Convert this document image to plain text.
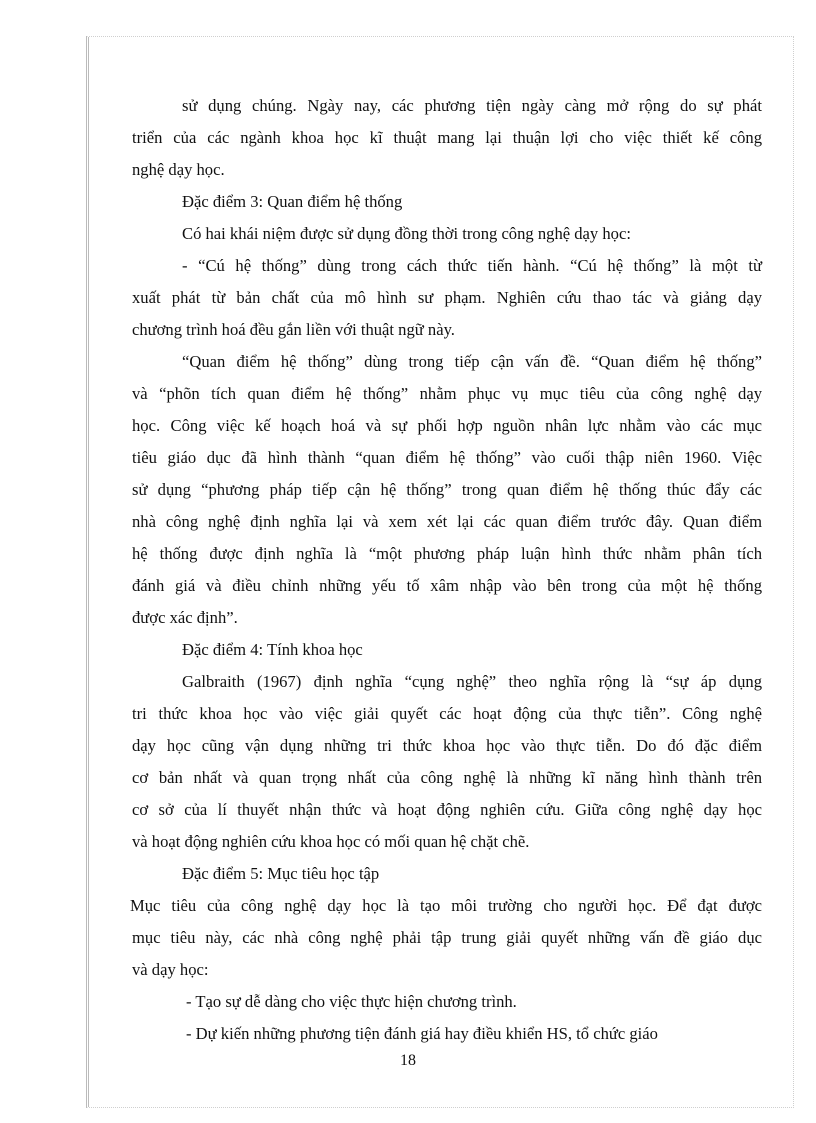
sử dụng chúng. Ngày nay, các phương tiện ngày càng mở rộng do sự phát
triển của các ngành khoa học kĩ thuật mang lại thuận lợi cho việc thiết kế công
nghệ dạy học.
Đặc điểm 3: Quan điểm hệ thống
Có hai khái niệm được sử dụng đồng thời trong công nghệ dạy học:
- “Cú hệ thống” dùng trong cách thức tiến hành. “Cú hệ thống” là một từ
xuất phát từ bản chất của mô hình sư phạm. Nghiên cứu thao tác và giảng dạy
chương trình hoá đều gắn liền với thuật ngữ này.
“Quan điểm hệ thống” dùng trong tiếp cận vấn đề. “Quan điểm hệ thống”
và “phõn tích quan điểm hệ thống” nhằm phục vụ mục tiêu của công nghệ dạy
học. Công việc kế hoạch hoá và sự phối hợp nguồn nhân lực nhằm vào các mục
tiêu giáo dục đã hình thành “quan điểm hệ thống” vào cuối thập niên 1960. Việc
sử dụng “phương pháp tiếp cận hệ thống” trong quan điểm hệ thống thúc đẩy các
nhà công nghệ định nghĩa lại và xem xét lại các quan điểm trước đây. Quan điểm
hệ thống được định nghĩa là “một phương pháp luận hình thức nhằm phân tích
đánh giá và điều chỉnh những yếu tố xâm nhập vào bên trong của một hệ thống
được xác định”.
Đặc điểm 4: Tính khoa học
Galbraith (1967) định nghĩa “cụng nghệ” theo nghĩa rộng là “sự áp dụng
tri thức khoa học vào việc giải quyết các hoạt động của thực tiễn”. Công nghệ
dạy học cũng vận dụng những tri thức khoa học vào thực tiễn. Do đó đặc điểm
cơ bản nhất và quan trọng nhất của công nghệ là những kĩ năng hình thành trên
cơ sở của lí thuyết nhận thức và hoạt động nghiên cứu. Giữa công nghệ dạy học
và hoạt động nghiên cứu khoa học có mối quan hệ chặt chẽ.
Đặc điểm 5: Mục tiêu học tập
Mục tiêu của công nghệ dạy học là tạo môi trường cho người học. Để đạt được
mục tiêu này, các nhà công nghệ phải tập trung giải quyết những vấn đề giáo dục
và dạy học:
- Tạo sự dễ dàng cho việc thực hiện chương trình.
- Dự kiến những phương tiện đánh giá hay điều khiển HS, tổ chức giáo
18
